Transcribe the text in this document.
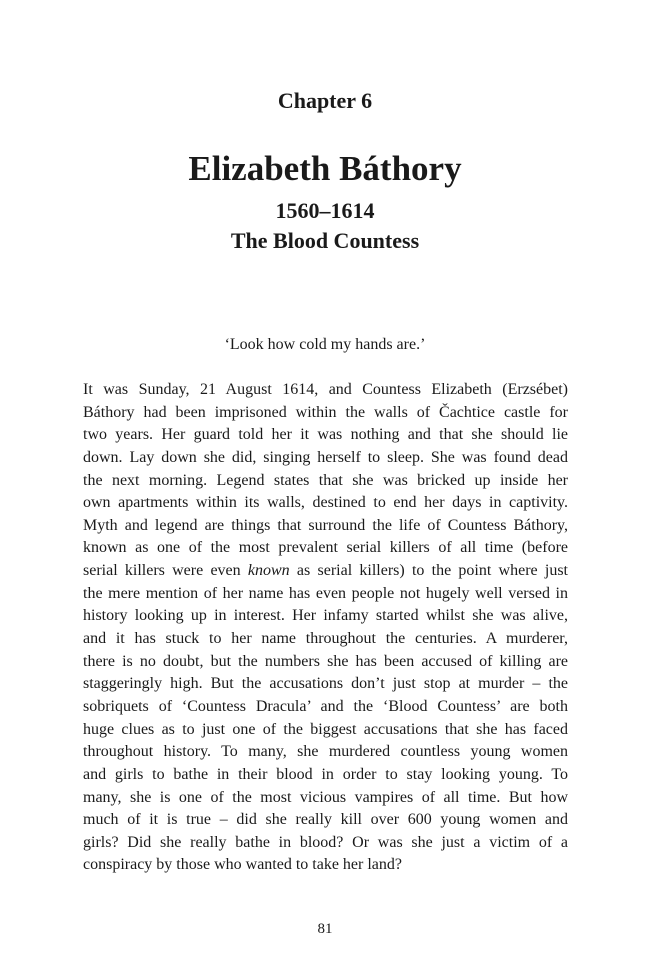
Chapter 6
Elizabeth Báthory
1560–1614
The Blood Countess
‘Look how cold my hands are.’
It was Sunday, 21 August 1614, and Countess Elizabeth (Erzsébet)
Báthory had been imprisoned within the walls of Čachtice castle for
two years. Her guard told her it was nothing and that she should lie
down. Lay down she did, singing herself to sleep. She was found dead
the next morning. Legend states that she was bricked up inside her
own apartments within its walls, destined to end her days in captivity.
Myth and legend are things that surround the life of Countess Báthory,
known as one of the most prevalent serial killers of all time (before
serial killers were even known as serial killers) to the point where just
the mere mention of her name has even people not hugely well versed in
history looking up in interest. Her infamy started whilst she was alive,
and it has stuck to her name throughout the centuries. A murderer,
there is no doubt, but the numbers she has been accused of killing are
staggeringly high. But the accusations don’t just stop at murder – the
sobriquets of ‘Countess Dracula’ and the ‘Blood Countess’ are both
huge clues as to just one of the biggest accusations that she has faced
throughout history. To many, she murdered countless young women
and girls to bathe in their blood in order to stay looking young. To
many, she is one of the most vicious vampires of all time. But how
much of it is true – did she really kill over 600 young women and
girls? Did she really bathe in blood? Or was she just a victim of a
conspiracy by those who wanted to take her land?
81
